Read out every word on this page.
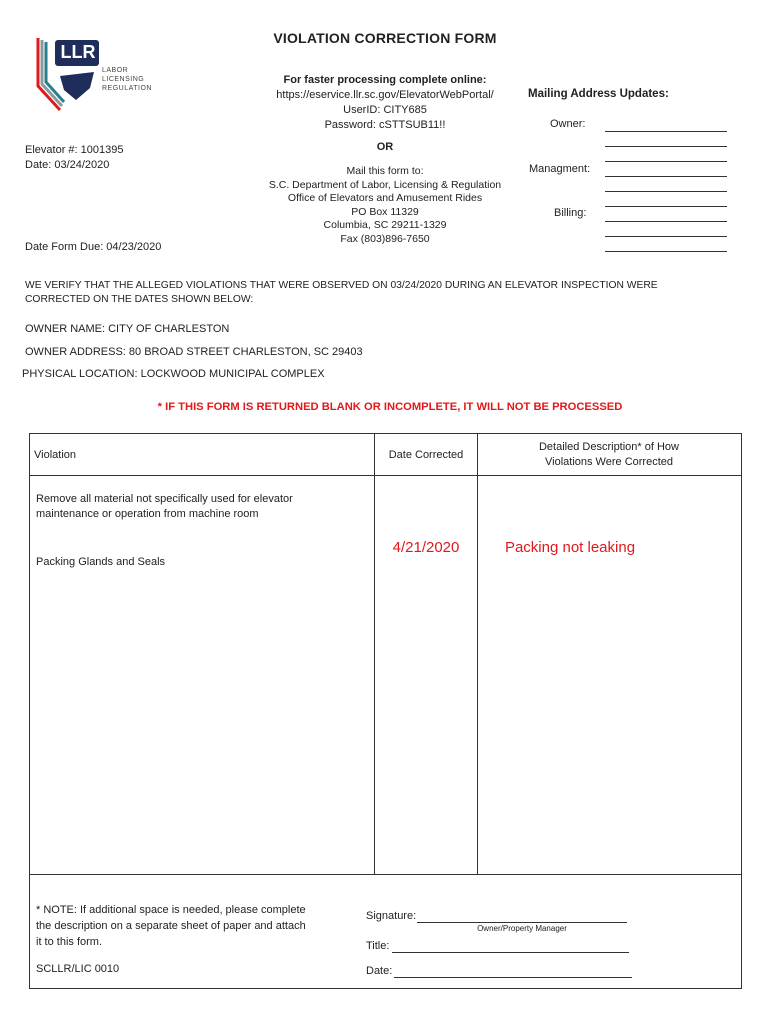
LLR
LABOR
LICENSING
REGULATION
VIOLATION CORRECTION FORM
For faster processing complete online:
https://eservice.llr.sc.gov/ElevatorWebPortal/
UserID: CITY685
Password: cSTTSUB11!!
OR
Mail this form to:
S.C. Department of Labor, Licensing & Regulation
Office of Elevators and Amusement Rides
PO Box 11329
Columbia, SC 29211-1329
Fax (803)896-7650
Mailing Address Updates:
Owner:
Managment:
Billing:
Elevator #: 1001395
Date: 03/24/2020
Date Form Due: 04/23/2020
WE VERIFY THAT THE ALLEGED VIOLATIONS THAT WERE OBSERVED ON 03/24/2020 DURING AN ELEVATOR INSPECTION WERE
CORRECTED ON THE DATES SHOWN BELOW:
OWNER NAME: CITY OF CHARLESTON
OWNER ADDRESS: 80 BROAD STREET CHARLESTON, SC 29403
PHYSICAL LOCATION: LOCKWOOD MUNICIPAL COMPLEX
* IF THIS FORM IS RETURNED BLANK OR INCOMPLETE, IT WILL NOT BE PROCESSED
Violation	Date Corrected
Detailed Description* of How
Violations Were Corrected
Remove all material not specifically used for elevator
maintenance or operation from machine room
Packing Glands and Seals
4/21/2020	Packing not leaking
* NOTE: If additional space is needed, please complete
the description on a separate sheet of paper and attach
it to this form.
SCLLR/LIC 0010
Signature:
Owner/Property Manager
Title:
Date:
